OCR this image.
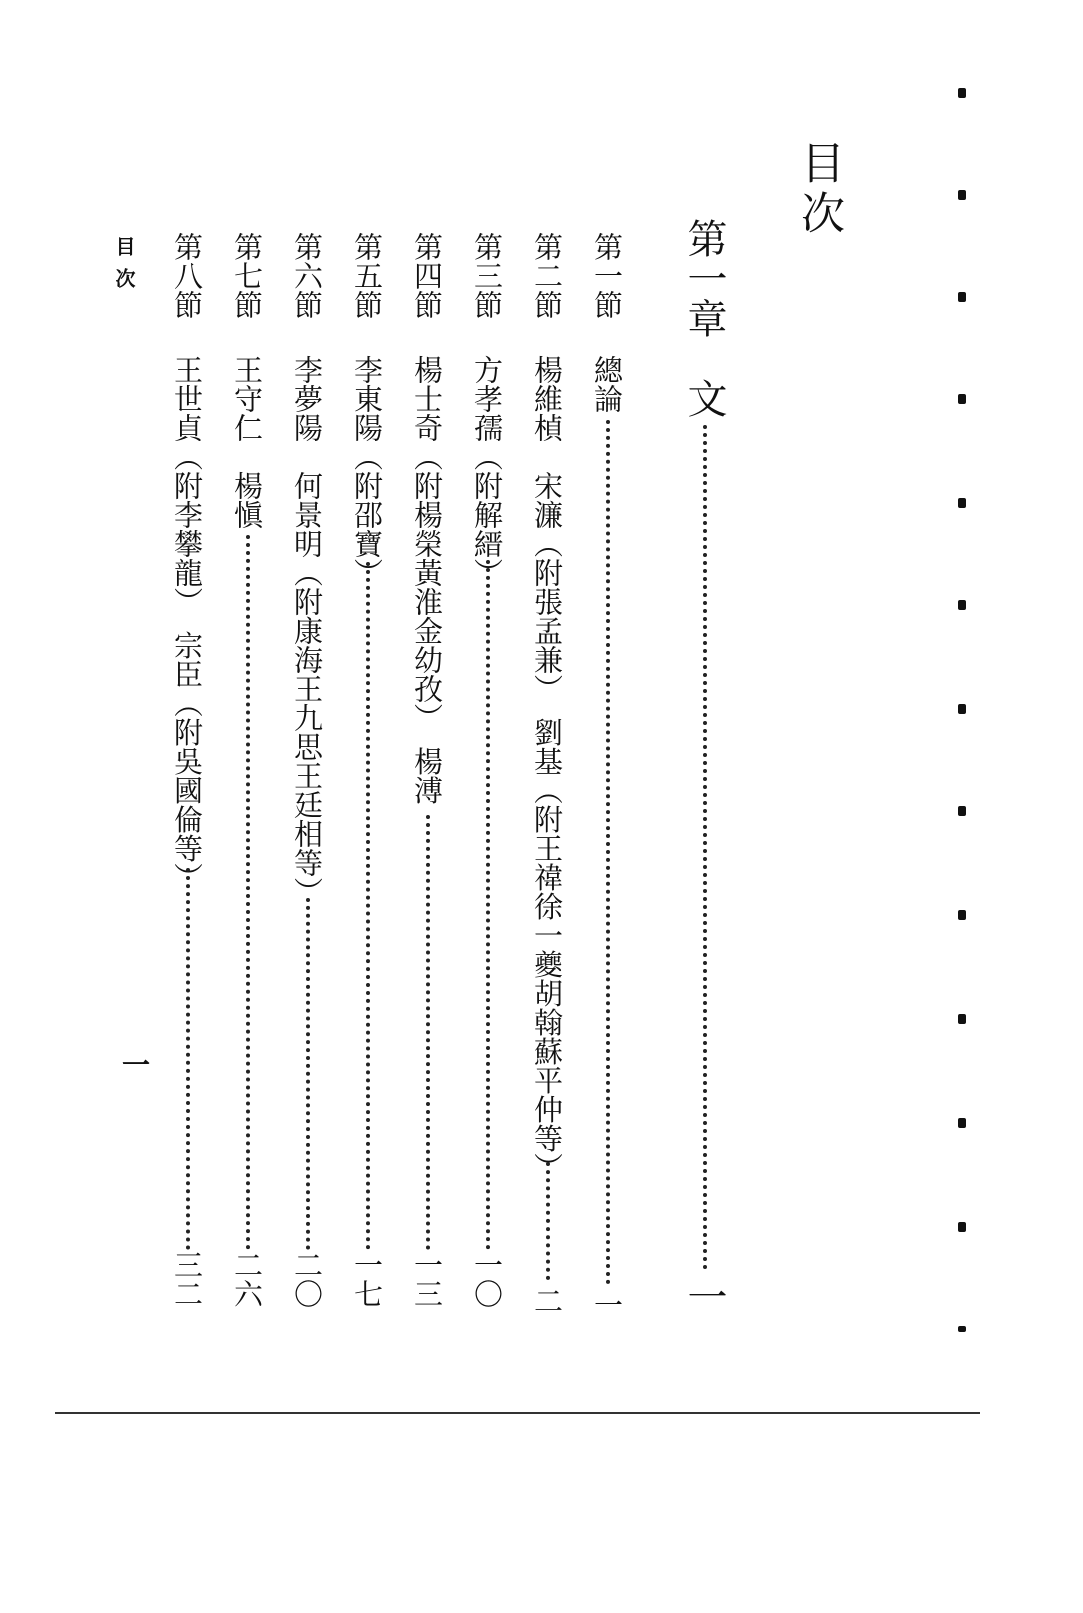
目次
第一章　文
一
第一節
總論
一
第二節
楊維楨　宋濂（附張孟兼）　劉基（附王禕徐一夔胡翰蘇平仲等）
二
第三節
方孝孺（附解縉）
一〇
第四節
楊士奇（附楊榮黃淮金幼孜）　楊溥
一三
第五節
李東陽（附邵寶）
一七
第六節
李夢陽　何景明（附康海王九思王廷相等）
二〇
第七節
王守仁　楊愼
二六
第八節
王世貞（附李攀龍）　宗臣（附吳國倫等）
三二
目次
一
